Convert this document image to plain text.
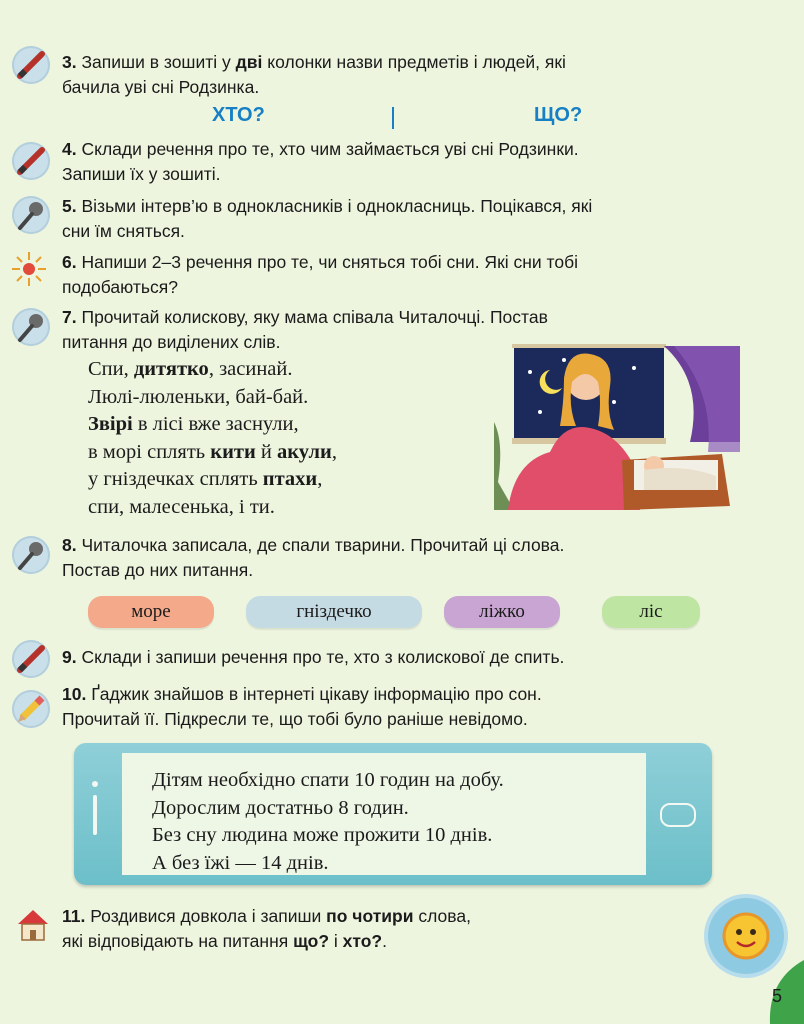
3. Запиши в зошиті у дві колонки назви предметів і людей, які
бачила уві сні Родзинка.
ХТО?	ЩО?
4. Склади речення про те, хто чим займається уві сні Родзинки.
Запиши їх у зошиті.
5. Візьми інтерв’ю в однокласників і однокласниць. Поцікався, які
сни їм сняться.
6. Напиши 2–3 речення про те, чи сняться тобі сни. Які сни тобі
подобаються?
7. Прочитай колискову, яку мама співала Читалочці. Постав
питання до виділених слів.
Спи, дитятко, засинай.
Люлі-люленьки, бай-бай.
Звірі в лісі вже заснули,
в морі сплять кити й акули,
у гніздечках сплять птахи,
спи, малесенька, і ти.
8. Читалочка записала, де спали тварини. Прочитай ці слова.
Постав до них питання.
море	гніздечко	ліжко	ліс
9. Склади і запиши речення про те, хто з колискової де спить.
10. Ґаджик знайшов в інтернеті цікаву інформацію про сон.
Прочитай її. Підкресли те, що тобі було раніше невідомо.
Дітям необхідно спати 10 годин на добу.
Дорослим достатньо 8 годин.
Без сну людина може прожити 10 днів.
А без їжі — 14 днів.
11. Роздивися довкола і запиши по чотири слова,
які відповідають на питання що? і хто?.
5
